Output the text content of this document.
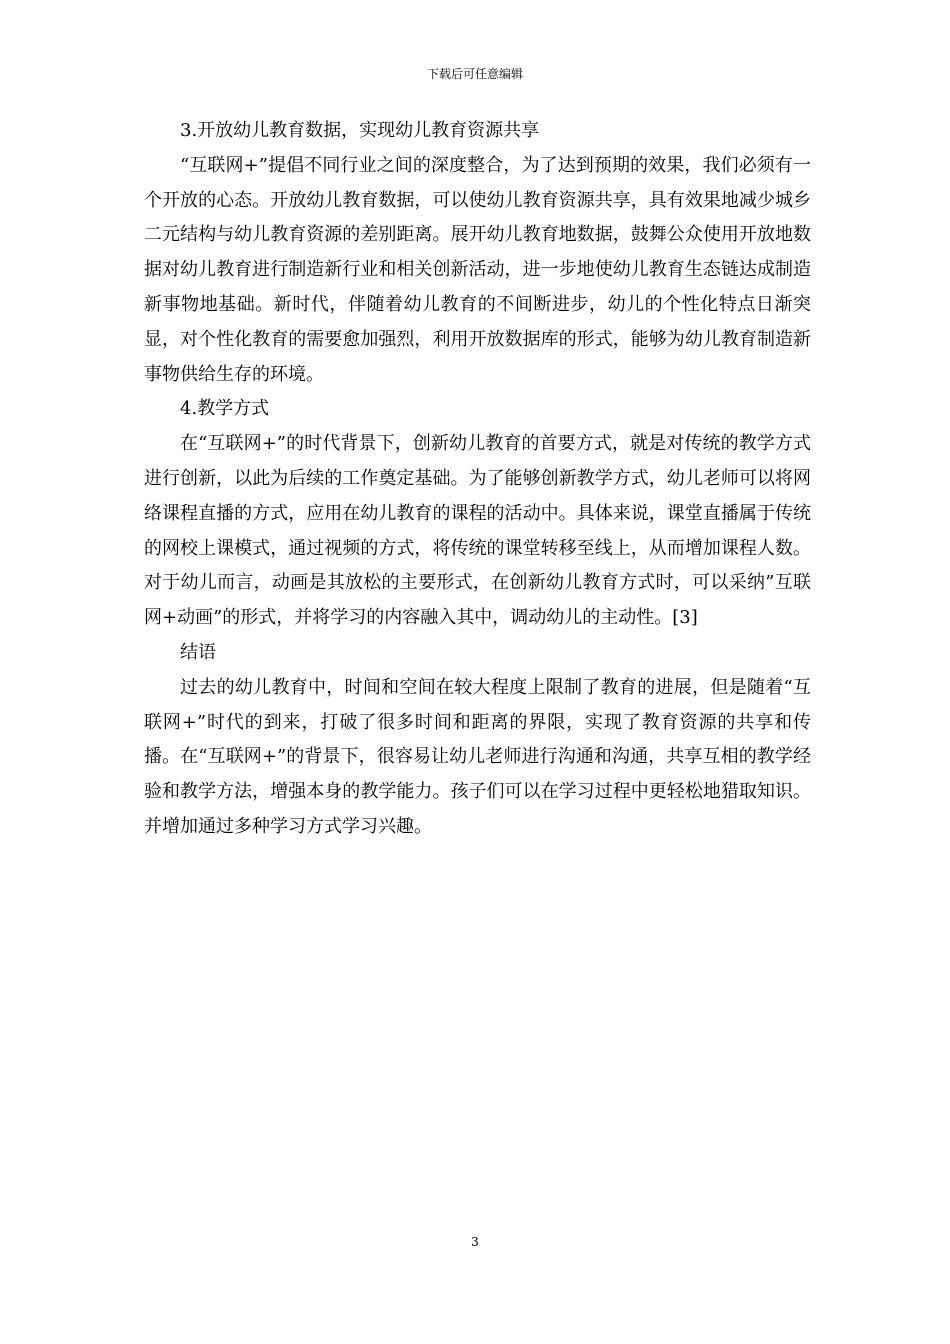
下载后可任意编辑

3.开放幼儿教育数据，实现幼儿教育资源共享

“互联网+”提倡不同行业之间的深度整合，为了达到预期的效果，我们必须有一个开放的心态。开放幼儿教育数据，可以使幼儿教育资源共享，具有效果地减少城乡二元结构与幼儿教育资源的差别距离。展开幼儿教育地数据，鼓舞公众使用开放地数据对幼儿教育进行制造新行业和相关创新活动，进一步地使幼儿教育生态链达成制造新事物地基础。新时代，伴随着幼儿教育的不间断进步，幼儿的个性化特点日渐突显，对个性化教育的需要愈加强烈，利用开放数据库的形式，能够为幼儿教育制造新事物供给生存的环境。

4.教学方式

在“互联网+”的时代背景下，创新幼儿教育的首要方式，就是对传统的教学方式进行创新，以此为后续的工作奠定基础。为了能够创新教学方式，幼儿老师可以将网络课程直播的方式，应用在幼儿教育的课程的活动中。具体来说，课堂直播属于传统的网校上课模式，通过视频的方式，将传统的课堂转移至线上，从而增加课程人数。对于幼儿而言，动画是其放松的主要形式，在创新幼儿教育方式时，可以采纳”互联网+动画”的形式，并将学习的内容融入其中，调动幼儿的主动性。[3]

结语

过去的幼儿教育中，时间和空间在较大程度上限制了教育的进展，但是随着“互联网+”时代的到来，打破了很多时间和距离的界限，实现了教育资源的共享和传播。在“互联网+”的背景下，很容易让幼儿老师进行沟通和沟通，共享互相的教学经验和教学方法，增强本身的教学能力。孩子们可以在学习过程中更轻松地猎取知识。并增加通过多种学习方式学习兴趣。

3
